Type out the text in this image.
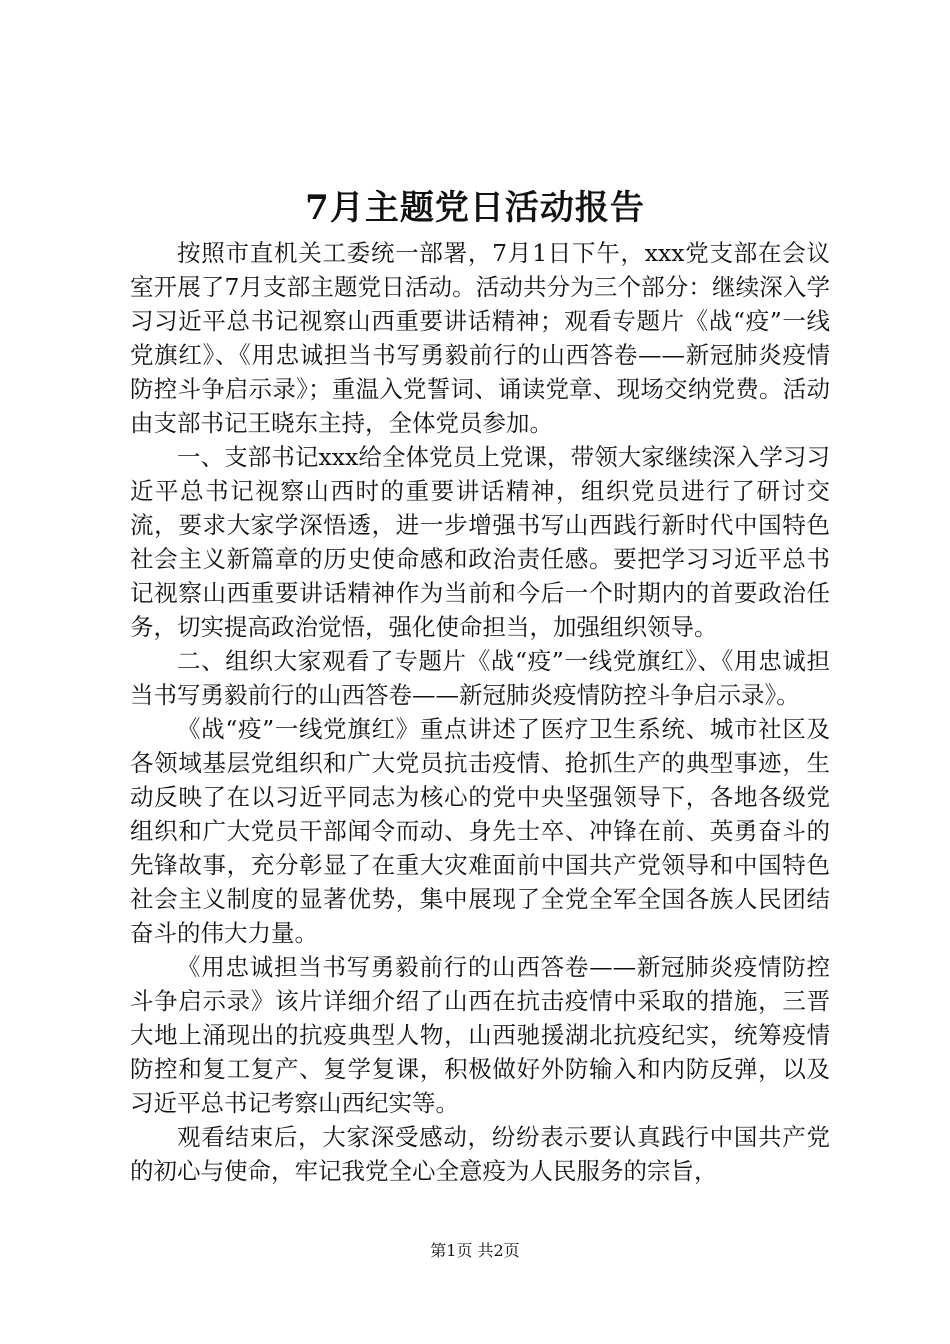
7月主题党日活动报告

按照市直机关工委统一部署，7月1日下午，xxx党支部在会议室开展了7月支部主题党日活动。活动共分为三个部分：继续深入学习习近平总书记视察山西重要讲话精神；观看专题片《战“疫”一线党旗红》、《用忠诚担当书写勇毅前行的山西答卷——新冠肺炎疫情防控斗争启示录》；重温入党誓词、诵读党章、现场交纳党费。活动由支部书记王晓东主持，全体党员参加。

一、支部书记xxx给全体党员上党课，带领大家继续深入学习习近平总书记视察山西时的重要讲话精神，组织党员进行了研讨交流，要求大家学深悟透，进一步增强书写山西践行新时代中国特色社会主义新篇章的历史使命感和政治责任感。要把学习习近平总书记视察山西重要讲话精神作为当前和今后一个时期内的首要政治任务，切实提高政治觉悟，强化使命担当，加强组织领导。

二、组织大家观看了专题片《战“疫”一线党旗红》、《用忠诚担当书写勇毅前行的山西答卷——新冠肺炎疫情防控斗争启示录》。

《战“疫”一线党旗红》重点讲述了医疗卫生系统、城市社区及各领域基层党组织和广大党员抗击疫情、抢抓生产的典型事迹，生动反映了在以习近平同志为核心的党中央坚强领导下，各地各级党组织和广大党员干部闻令而动、身先士卒、冲锋在前、英勇奋斗的先锋故事，充分彰显了在重大灾难面前中国共产党领导和中国特色社会主义制度的显著优势，集中展现了全党全军全国各族人民团结奋斗的伟大力量。

《用忠诚担当书写勇毅前行的山西答卷——新冠肺炎疫情防控斗争启示录》该片详细介绍了山西在抗击疫情中采取的措施，三晋大地上涌现出的抗疫典型人物，山西驰援湖北抗疫纪实，统筹疫情防控和复工复产、复学复课，积极做好外防输入和内防反弹，以及习近平总书记考察山西纪实等。

观看结束后，大家深受感动，纷纷表示要认真践行中国共产党的初心与使命，牢记我党全心全意疫为人民服务的宗旨，

第1页 共2页
